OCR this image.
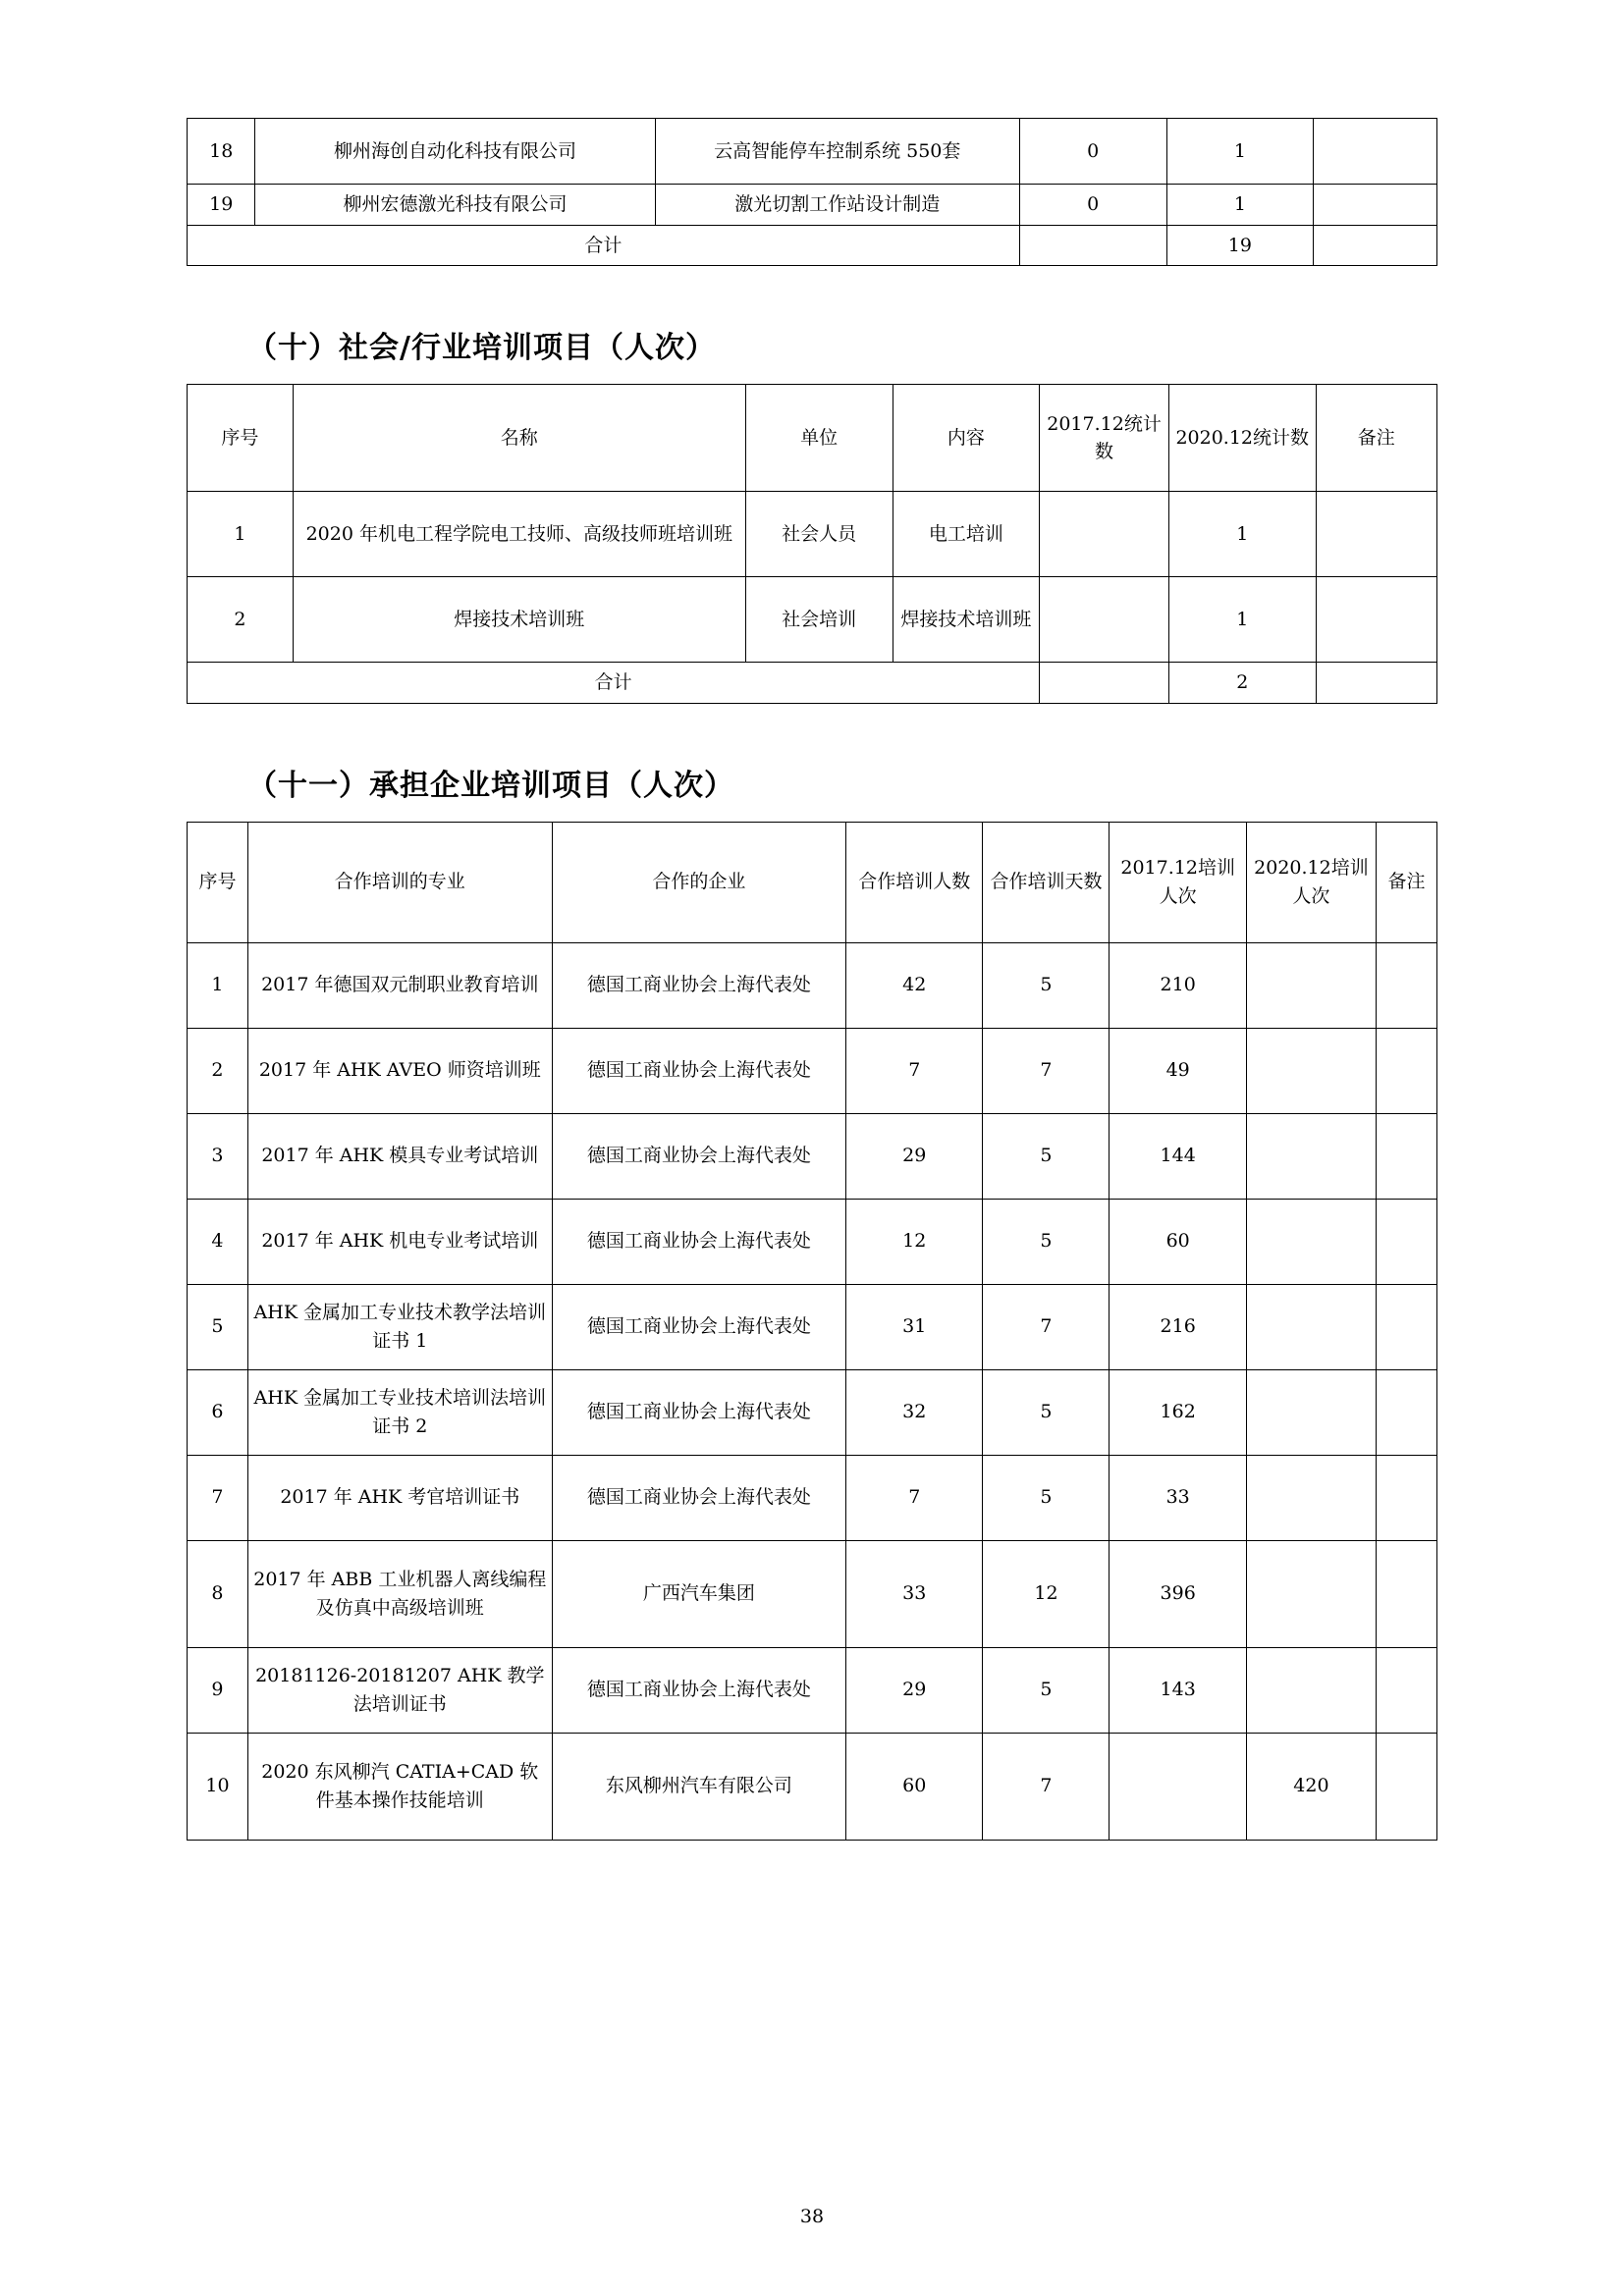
18	柳州海创自动化科技有限公司	云高智能停车控制系统 550套	0	1	
19	柳州宏德激光科技有限公司	激光切割工作站设计制造	0	1	
合计				19	
（十）社会/行业培训项目（人次）
序号	名称	单位	内容	2017.12统计数	2020.12统计数	备注
1	2020 年机电工程学院电工技师、高级技师班培训班	社会人员	电工培训		1	
2	焊接技术培训班	社会培训	焊接技术培训班		1	
合计					2	
（十一）承担企业培训项目（人次）
序号	合作培训的专业	合作的企业	合作培训人数	合作培训天数	2017.12培训人次	2020.12培训人次	备注
1	2017 年德国双元制职业教育培训	德国工商业协会上海代表处	42	5	210		
2	2017 年 AHK AVEO 师资培训班	德国工商业协会上海代表处	7	7	49		
3	2017 年 AHK 模具专业考试培训	德国工商业协会上海代表处	29	5	144		
4	2017 年 AHK 机电专业考试培训	德国工商业协会上海代表处	12	5	60		
5	AHK 金属加工专业技术教学法培训证书 1	德国工商业协会上海代表处	31	7	216		
6	AHK 金属加工专业技术培训法培训证书 2	德国工商业协会上海代表处	32	5	162		
7	2017 年 AHK 考官培训证书	德国工商业协会上海代表处	7	5	33		
8	2017 年 ABB 工业机器人离线编程及仿真中高级培训班	广西汽车集团	33	12	396		
9	20181126-20181207 AHK 教学法培训证书	德国工商业协会上海代表处	29	5	143		
10	2020 东风柳汽 CATIA+CAD 软件基本操作技能培训	东风柳州汽车有限公司	60	7		420	
38
